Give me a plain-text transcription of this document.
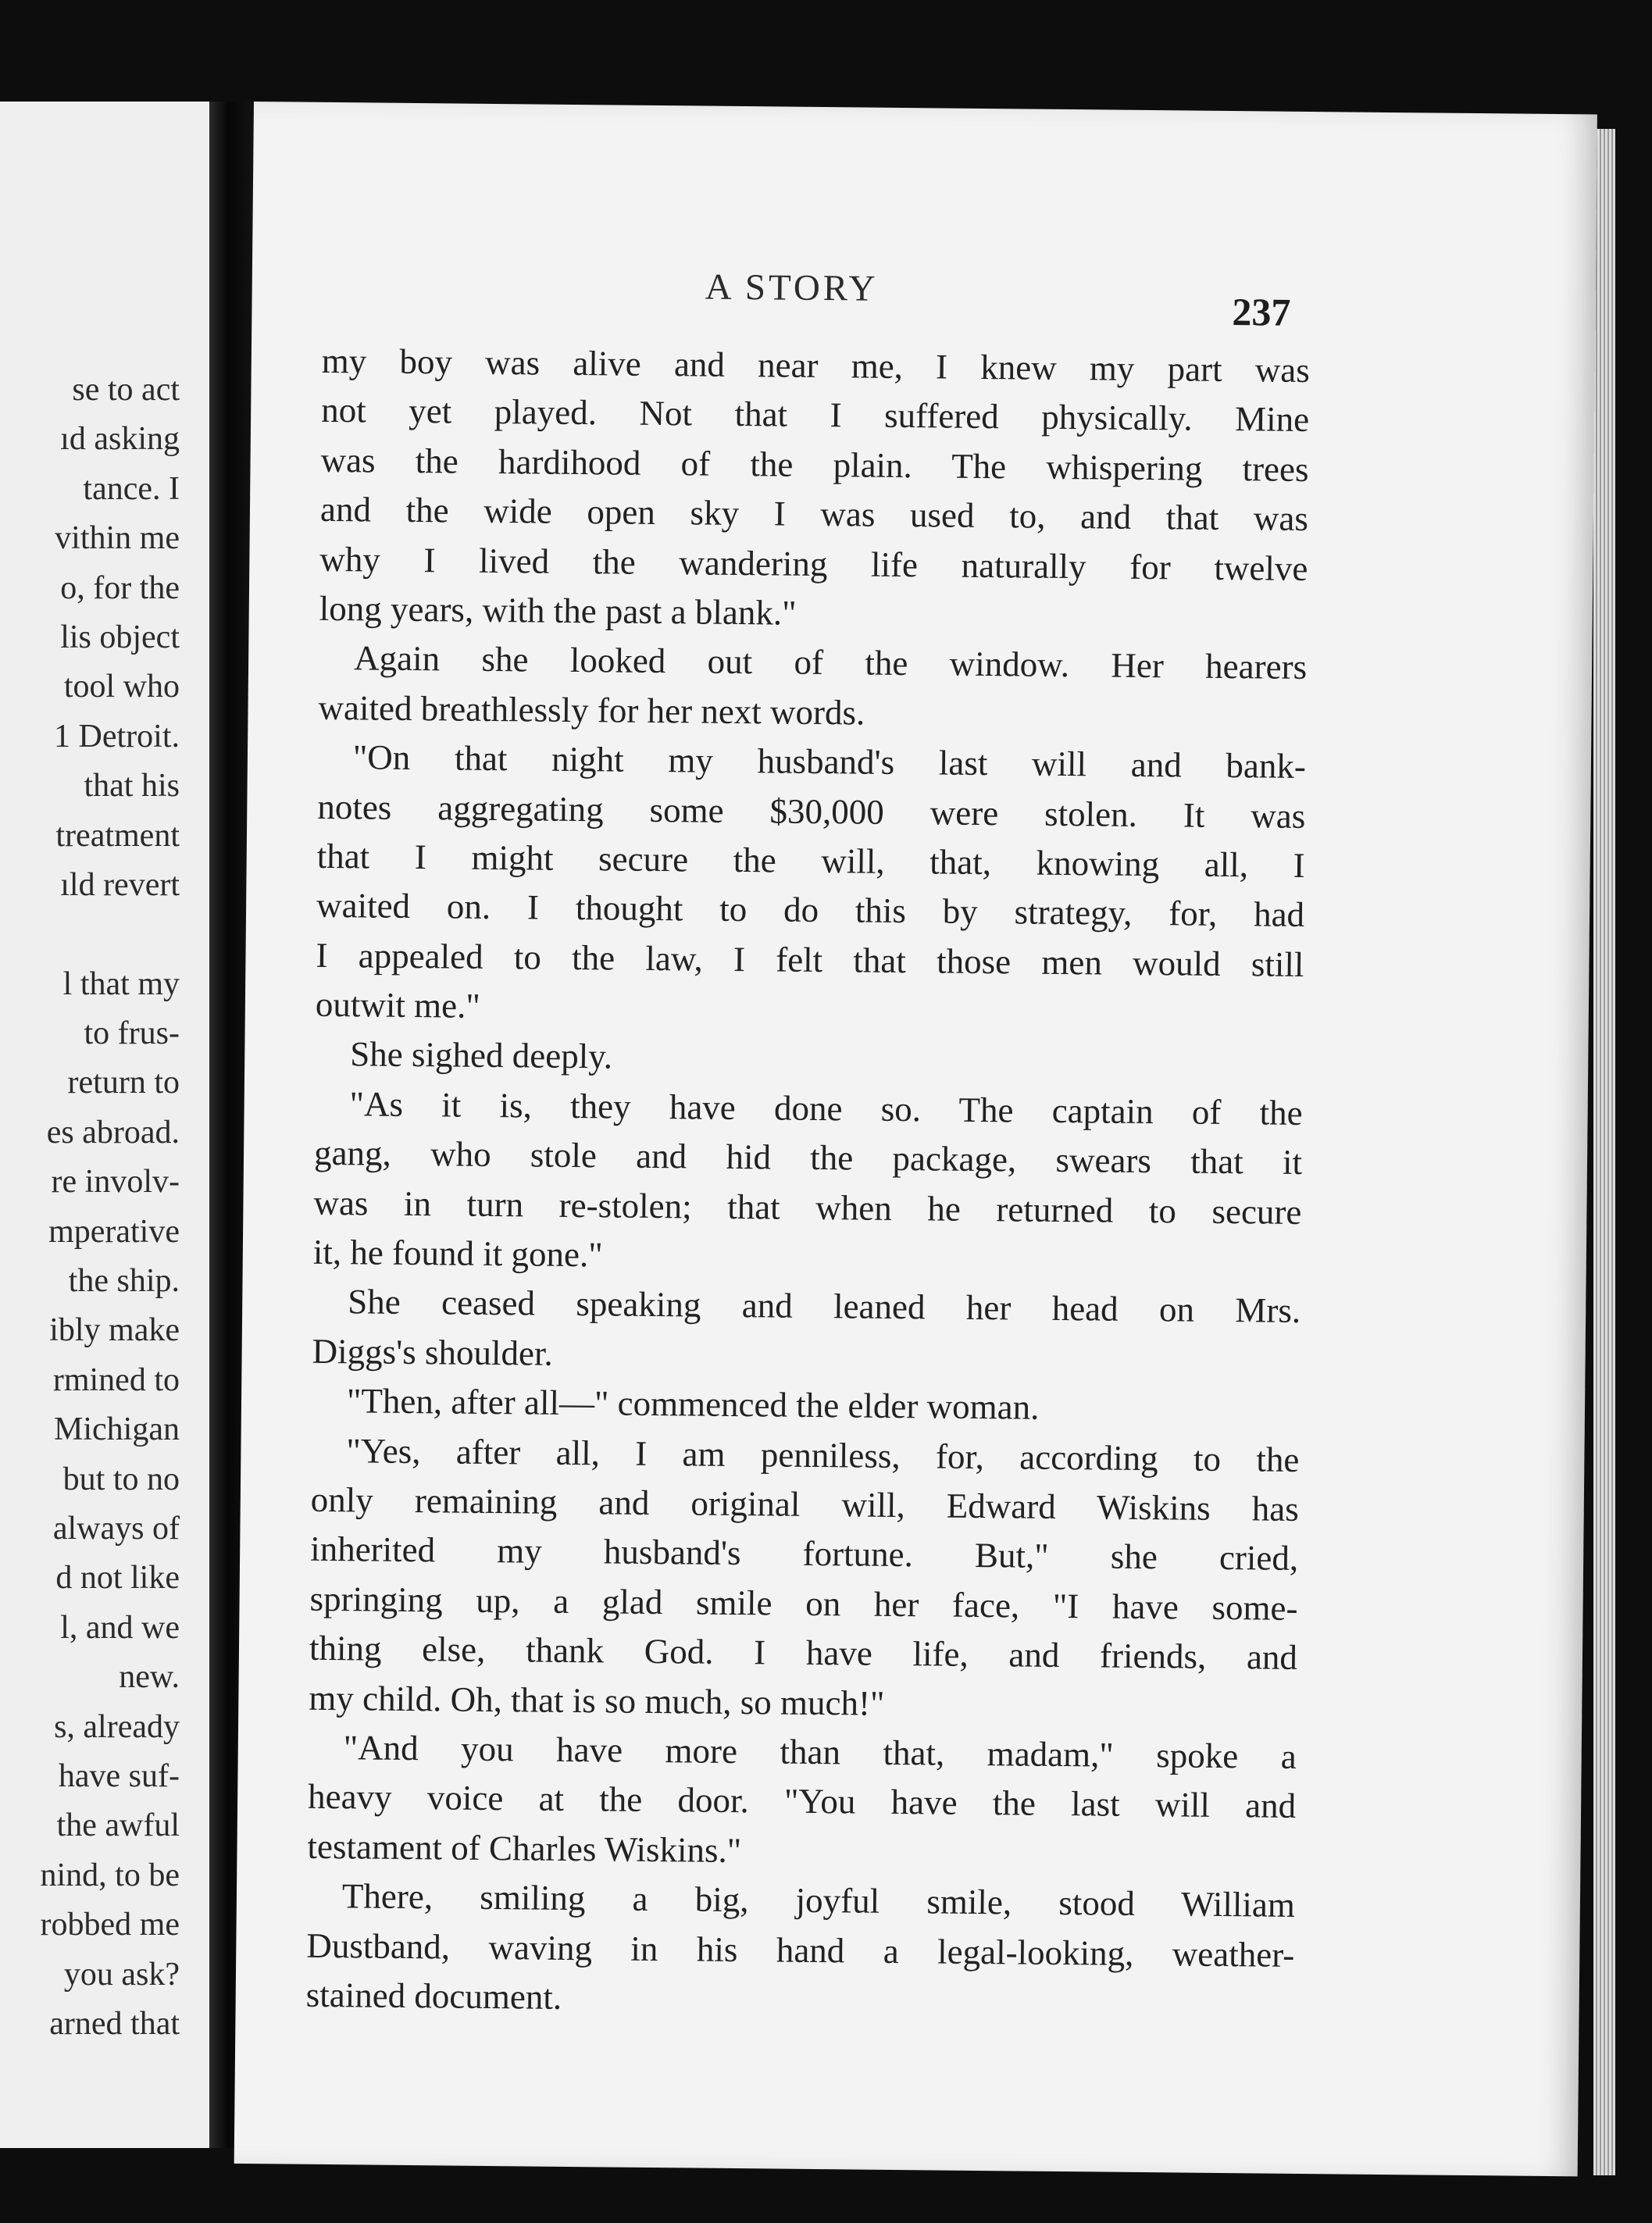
se to act
ıd asking
tance. I
vithin me
o, for the
lis object
tool who
1 Detroit.
that his
treatment
ıld revert
l that my
to frus-
return to
es abroad.
re involv-
mperative
the ship.
ibly make
rmined to
Michigan
but to no
always of
d not like
l, and we
new.
s, already
have suf-
the awful
nind, to be
robbed me
you ask?
arned that
A STORY
237
my boy was alive and near me, I knew my part was
not yet played. Not that I suffered physically. Mine
was the hardihood of the plain. The whispering trees
and the wide open sky I was used to, and that was
why I lived the wandering life naturally for twelve
long years, with the past a blank."
Again she looked out of the window. Her hearers
waited breathlessly for her next words.
"On that night my husband's last will and bank-
notes aggregating some $30,000 were stolen. It was
that I might secure the will, that, knowing all, I
waited on. I thought to do this by strategy, for, had
I appealed to the law, I felt that those men would still
outwit me."
She sighed deeply.
"As it is, they have done so. The captain of the
gang, who stole and hid the package, swears that it
was in turn re-stolen; that when he returned to secure
it, he found it gone."
She ceased speaking and leaned her head on Mrs.
Diggs's shoulder.
"Then, after all—" commenced the elder woman.
"Yes, after all, I am penniless, for, according to the
only remaining and original will, Edward Wiskins has
inherited my husband's fortune. But," she cried,
springing up, a glad smile on her face, "I have some-
thing else, thank God. I have life, and friends, and
my child. Oh, that is so much, so much!"
"And you have more than that, madam," spoke a
heavy voice at the door. "You have the last will and
testament of Charles Wiskins."
There, smiling a big, joyful smile, stood William
Dustband, waving in his hand a legal-looking, weather-
stained document.
